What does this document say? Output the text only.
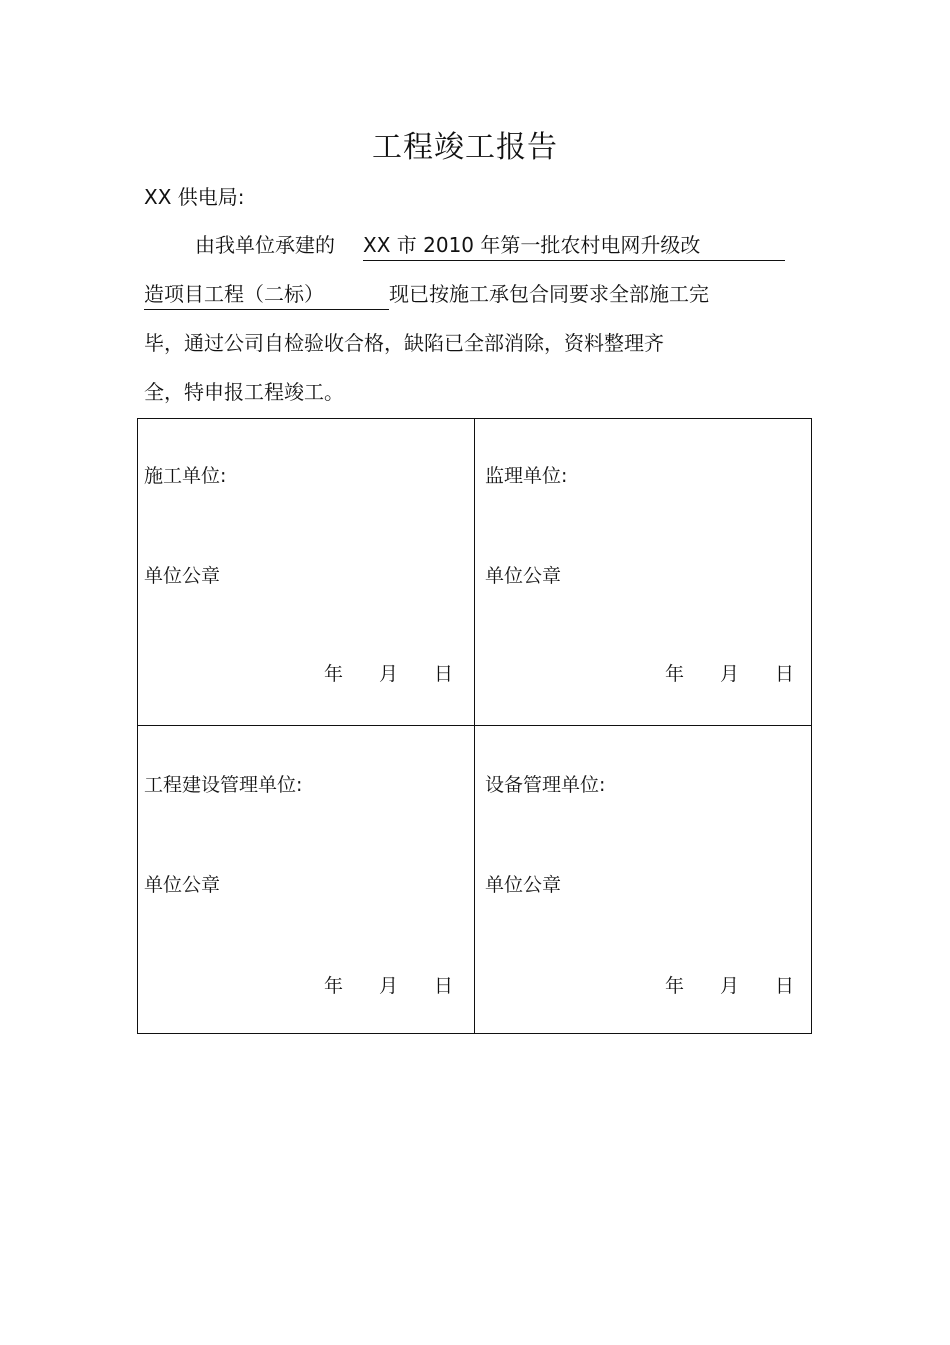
工程竣工报告
XX 供电局:
由我单位承建的 XX 市 2010 年第一批农村电网升级改
造项目工程（二标）	现已按施工承包合同要求全部施工完
毕，通过公司自检验收合格，缺陷已全部消除，资料整理齐
全，特申报工程竣工。
施工单位:
单位公章
年 月 日
监理单位:
单位公章
年 月 日
工程建设管理单位:
单位公章
年 月 日
设备管理单位:
单位公章
年 月 日
